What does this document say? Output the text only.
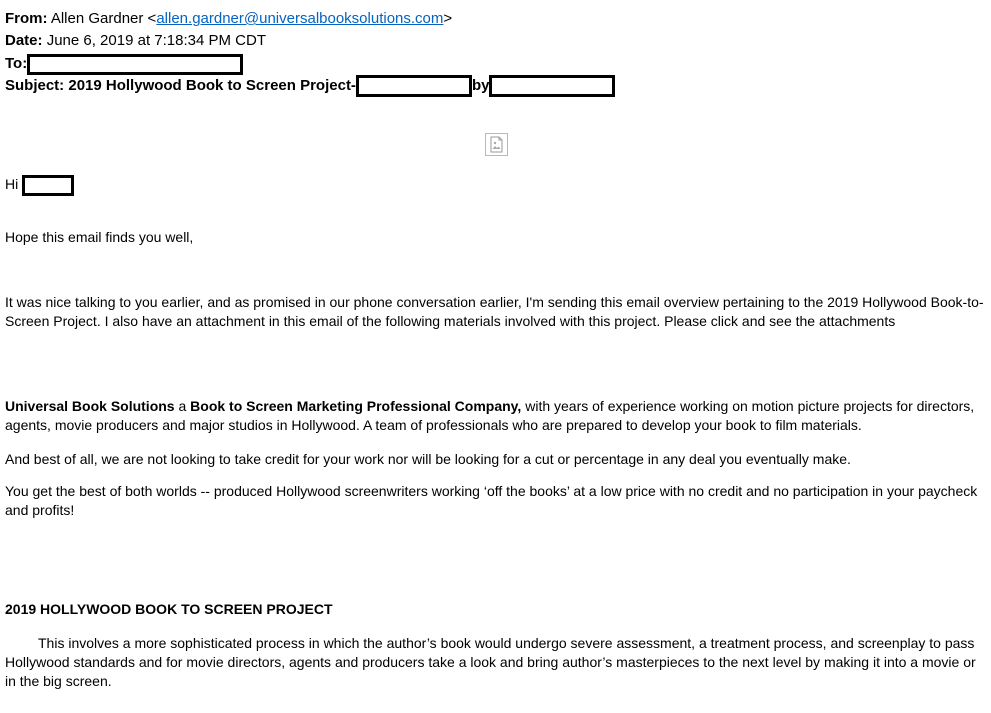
From: Allen Gardner <allen.gardner@universalbooksolutions.com>
Date: June 6, 2019 at 7:18:34 PM CDT
To:
Subject: 2019 Hollywood Book to Screen Project-	by
Hi
Hope this email finds you well,
It was nice talking to you earlier, and as promised in our phone conversation earlier, I'm sending this email overview pertaining to the 2019 Hollywood Book-to-Screen Project. I also have an attachment in this email of the following materials involved with this project. Please click and see the attachments
Universal Book Solutions a Book to Screen Marketing Professional Company, with years of experience working on motion picture projects for directors, agents, movie producers and major studios in Hollywood. A team of professionals who are prepared to develop your book to film materials.
And best of all, we are not looking to take credit for your work nor will be looking for a cut or percentage in any deal you eventually make.
You get the best of both worlds -- produced Hollywood screenwriters working ‘off the books’ at a low price with no credit and no participation in your paycheck and profits!
2019 HOLLYWOOD BOOK TO SCREEN PROJECT
This involves a more sophisticated process in which the author’s book would undergo severe assessment, a treatment process, and screenplay to pass Hollywood standards and for movie directors, agents and producers take a look and bring author’s masterpieces to the next level by making it into a movie or in the big screen.
